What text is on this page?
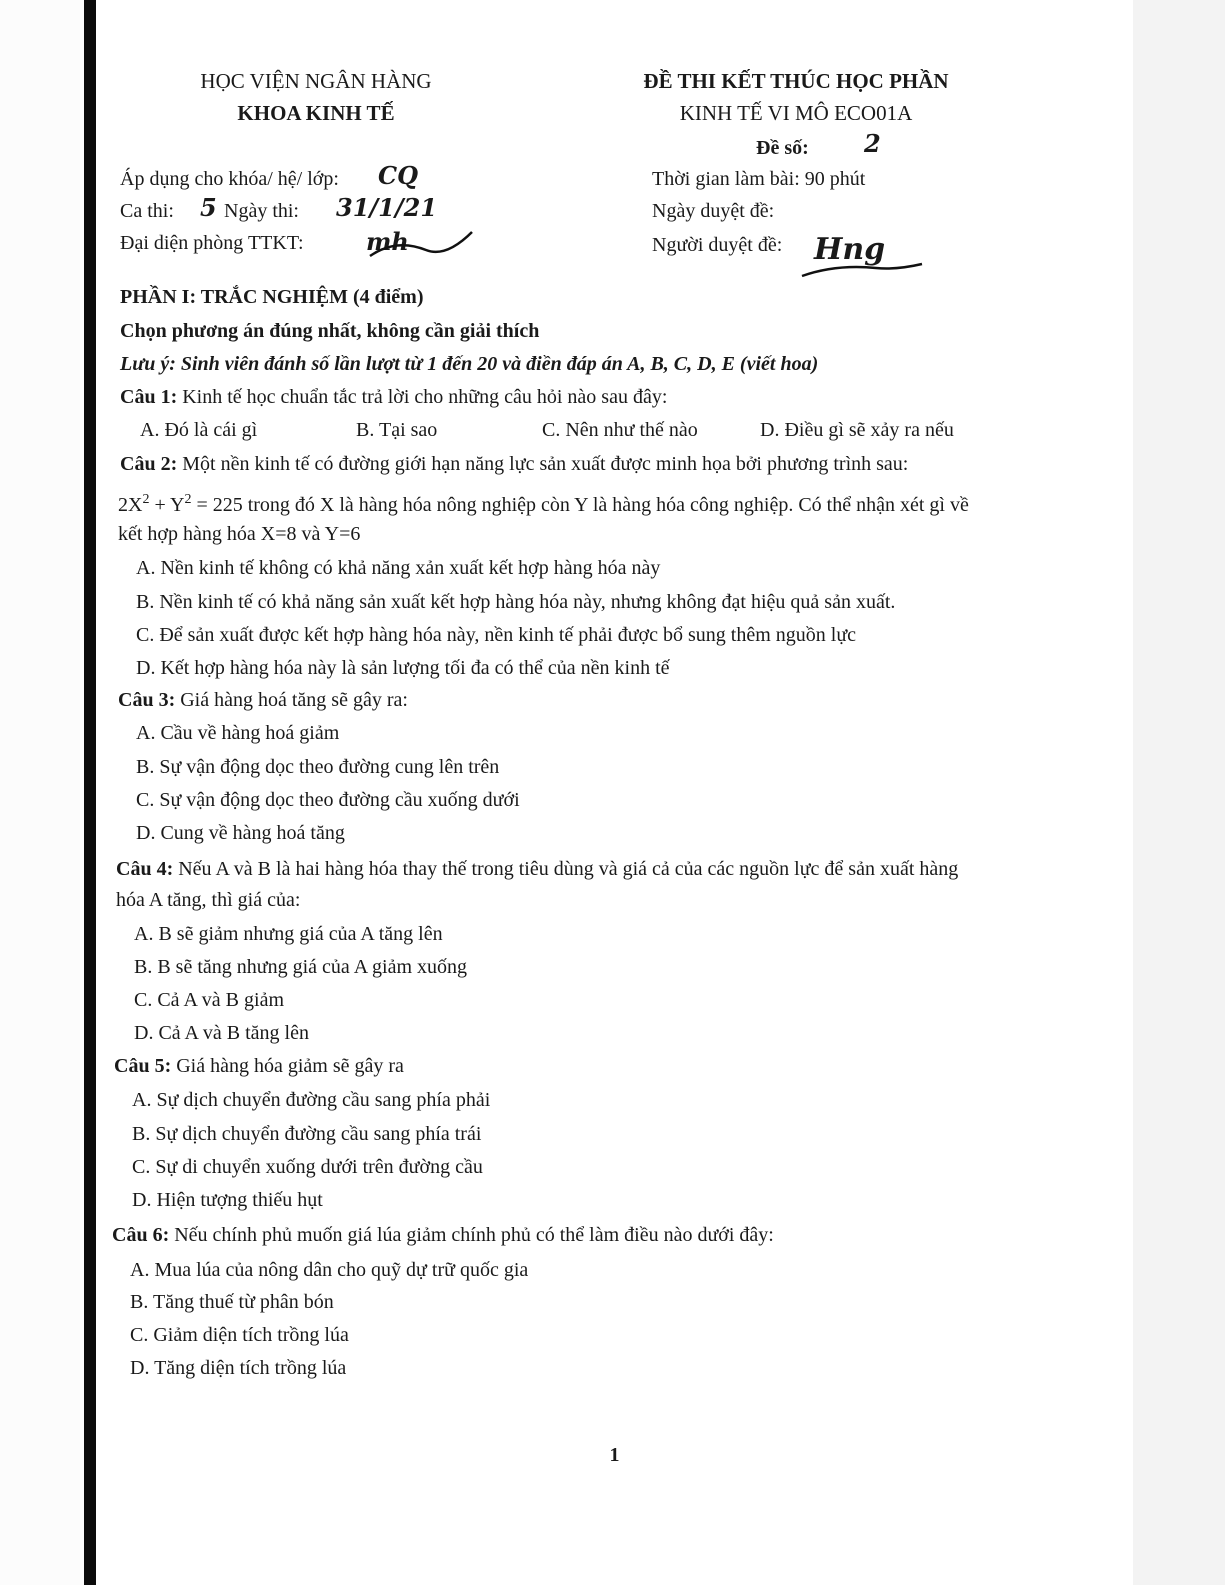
HỌC VIỆN NGÂN HÀNG
KHOA KINH TẾ
ĐỀ THI KẾT THÚC HỌC PHẦN
KINH TẾ VI MÔ ECO01A
Đề số: 2
Áp dụng cho khóa/ hệ/ lớp: CQ
Ca thi: 5 Ngày thi: 31/1/21
Đại diện phòng TTKT:	mh
Thời gian làm bài: 90 phút
Ngày duyệt đề:
Người duyệt đề: Hng
PHẦN I: TRẮC NGHIỆM (4 điểm)
Chọn phương án đúng nhất, không cần giải thích
Lưu ý: Sinh viên đánh số lần lượt từ 1 đến 20 và điền đáp án A, B, C, D, E (viết hoa)
Câu 1: Kinh tế học chuẩn tắc trả lời cho những câu hỏi nào sau đây:
A. Đó là cái gì	B. Tại sao	C. Nên như thế nào	D. Điều gì sẽ xảy ra nếu
Câu 2: Một nền kinh tế có đường giới hạn năng lực sản xuất được minh họa bởi phương trình sau:
$2X^2 + Y^2 = 225$ trong đó X là hàng hóa nông nghiệp còn Y là hàng hóa công nghiệp. Có thể nhận xét gì về
kết hợp hàng hóa X=8 và Y=6
A. Nền kinh tế không có khả năng xản xuất kết hợp hàng hóa này
B. Nền kinh tế có khả năng sản xuất kết hợp hàng hóa này, nhưng không đạt hiệu quả sản xuất.
C. Để sản xuất được kết hợp hàng hóa này, nền kinh tế phải được bổ sung thêm nguồn lực
D. Kết hợp hàng hóa này là sản lượng tối đa có thể của nền kinh tế
Câu 3: Giá hàng hoá tăng sẽ gây ra:
A. Cầu về hàng hoá giảm
B. Sự vận động dọc theo đường cung lên trên
C. Sự vận động dọc theo đường cầu xuống dưới
D. Cung về hàng hoá tăng
Câu 4: Nếu A và B là hai hàng hóa thay thế trong tiêu dùng và giá cả của các nguồn lực để sản xuất hàng
hóa A tăng, thì giá của:
A. B sẽ giảm nhưng giá của A tăng lên
B. B sẽ tăng nhưng giá của A giảm xuống
C. Cả A và B giảm
D. Cả A và B tăng lên
Câu 5: Giá hàng hóa giảm sẽ gây ra
A. Sự dịch chuyển đường cầu sang phía phải
B. Sự dịch chuyển đường cầu sang phía trái
C. Sự di chuyển xuống dưới trên đường cầu
D. Hiện tượng thiếu hụt
Câu 6: Nếu chính phủ muốn giá lúa giảm chính phủ có thể làm điều nào dưới đây:
A. Mua lúa của nông dân cho quỹ dự trữ quốc gia
B. Tăng thuế từ phân bón
C. Giảm diện tích trồng lúa
D. Tăng diện tích trồng lúa
1
